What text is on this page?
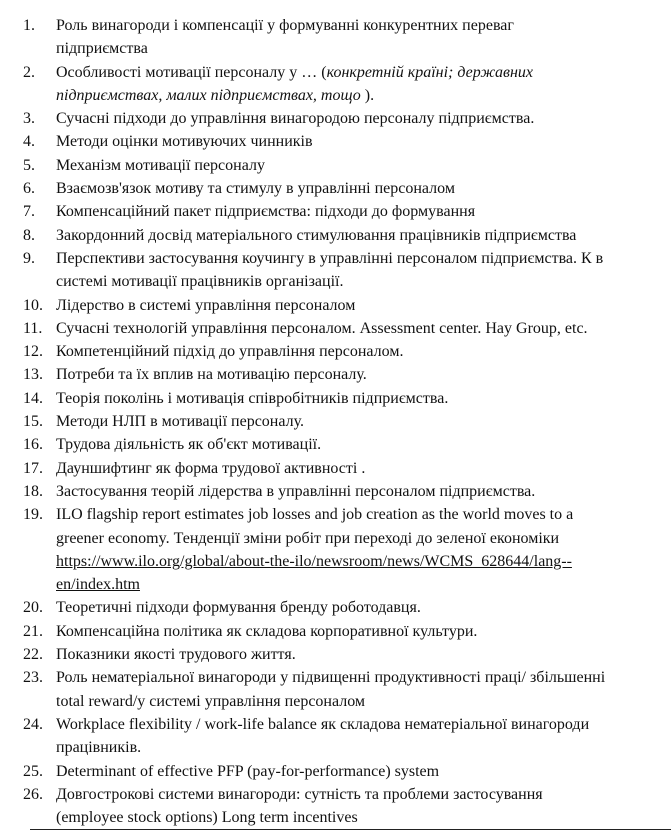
1.	Роль винагороди і компенсації у формуванні конкурентних переваг
підприємства
2.	Особливості мотивації персоналу у … (конкретній країні; державних
підприємствах, малих підприємствах, тощо ).
3.	Сучасні підходи до управління винагородою персоналу підприємства.
4.	Методи оцінки мотивуючих чинників
5.	Механізм мотивації персоналу
6.	Взаємозв'язок мотиву та стимулу в управлінні персоналом
7.	Компенсаційний пакет підприємства: підходи до формування
8.	Закордонний досвід матеріального стимулювання працівників підприємства
9.	Перспективи застосування коучингу в управлінні персоналом підприємства. К в
системі мотивації працівників організації.
10. Лідерство в системі управління персоналом
11. Сучасні технологій управління персоналом. Assessment center. Hay Group, etc.
12. Компетенційний підхід до управління персоналом.
13. Потреби та їх вплив на мотивацію персоналу.
14. Теорія поколінь і мотивація співробітників підприємства.
15. Методи НЛП в мотивації персоналу.
16. Трудова діяльність як об'єкт мотивації.
17. Дауншифтинг як форма трудової активності .
18. Застосування теорій лідерства в управлінні персоналом підприємства.
19. ILO flagship report estimates job losses and job creation as the world moves to a
greener economy. Тенденції зміни робіт при переході до зеленої економіки
https://www.ilo.org/global/about-the-ilo/newsroom/news/WCMS_628644/lang--
en/index.htm
20. Теоретичні підходи формування бренду роботодавця.
21. Компенсаційна політика як складова корпоративної культури.
22. Показники якості трудового життя.
23. Роль нематеріальної винагороди у підвищенні продуктивності праці/ збільшенні
total reward/у системі управління персоналом
24. Workplace flexibility / work-life balance як складова нематеріальної винагороди
працівників.
25. Determinant of effective PFP (pay-for-performance) system
26. Довгострокові системи винагороди: сутність та проблеми застосування
(employee stock options) Long term incentives
